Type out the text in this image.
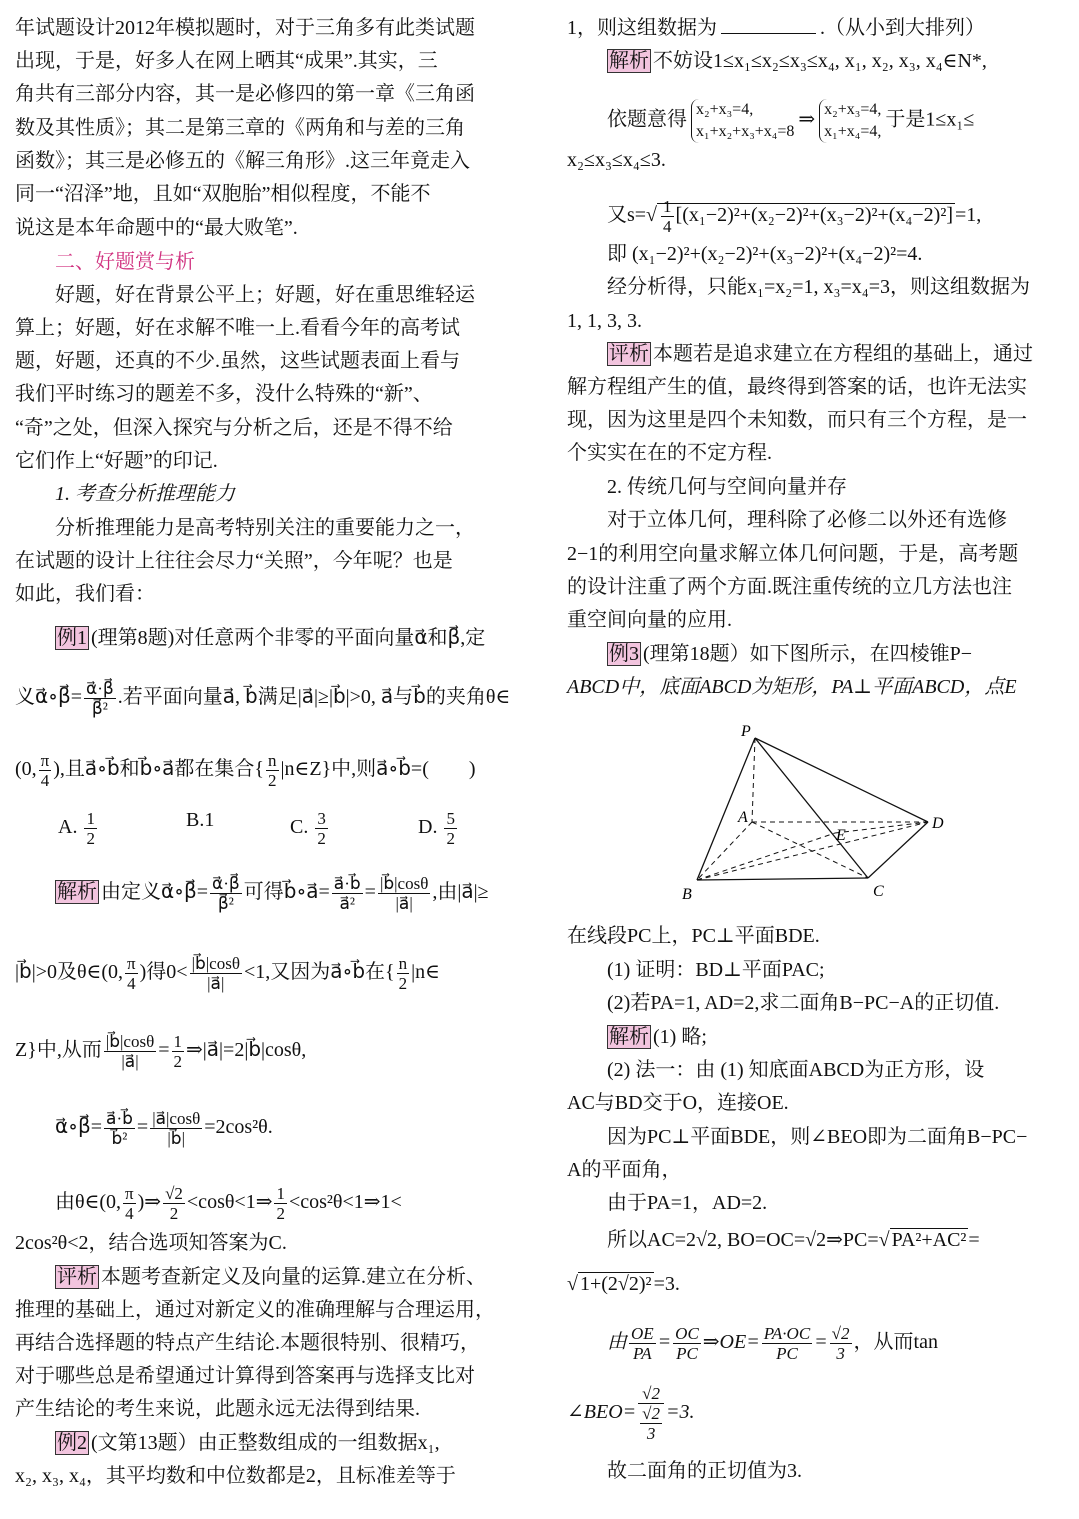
年试题设计2012年模拟题时，对于三角多有此类试题
出现，于是，好多人在网上晒其“成果”.其实，三
角共有三部分内容，其一是必修四的第一章《三角函
数及其性质》；其二是第三章的《两角和与差的三角
函数》；其三是必修五的《解三角形》.这三年竟走入
同一“沼泽”地，且如“双胞胎”相似程度，不能不
说这是本年命题中的“最大败笔”.
二、好题赏与析
好题，好在背景公平上；好题，好在重思维轻运
算上；好题，好在求解不唯一上.看看今年的高考试
题，好题，还真的不少.虽然，这些试题表面上看与
我们平时练习的题差不多，没什么特殊的“新”、
“奇”之处，但深入探究与分析之后，还是不得不给
它们作上“好题”的印记.
1. 考查分析推理能力
分析推理能力是高考特别关注的重要能力之一，
在试题的设计上往往会尽力“关照”，今年呢？也是
如此，我们看：
例1 (理第8题)对任意两个非零的平面向量α⃗和β⃗,定
义α⃗∘β⃗= $\frac{\alpha⃗\cdot\beta⃗}{\text{β⃗²}}$ .若平面向量a⃗, b⃗满足|a⃗|≥|b⃗|>0, a⃗与b⃗的夹角θ∈
(0, $\frac{\pi}{4}$ ),且a⃗∘b⃗和b⃗∘a⃗都在集合{ $\frac{n}{2}$ |n∈Z}中,则a⃗∘b⃗=(　　)
A. $\frac{1}{2}$	B.1	C. $\frac{3}{2}$	D. $\frac{5}{2}$
解析 由定义α⃗∘β⃗= $\frac{\alpha⃗\cdot\beta⃗}{\text{β⃗²}}$ 可得b⃗∘a⃗= $\frac{a⃗\cdot b⃗}{\text{a⃗²}} = \frac{|b⃗|\cos\theta}{|a⃗|}$ ,由|a⃗|≥
|b⃗|>0及θ∈(0, $\frac{\pi}{4}$ )得$0< \frac{|b⃗|\cos\theta}{|a⃗|} <1$,又因为a⃗∘b⃗在{ $\frac{n}{2}$ |n∈
Z}中,从而 $\frac{|b⃗|\cos\theta}{|a⃗|} = \frac{1}{2}$ ⇒|a⃗|=2|b⃗|cosθ,
α⃗∘β⃗= $\frac{a⃗\cdot b⃗}{\text{b⃗²}} = \frac{|a⃗|\cos\theta}{|b⃗|} =2\cos^2\theta$.
由θ∈(0, $\frac{\pi}{4}$ )⇒ $\frac{√2}{2}$ <cosθ<1⇒ $\frac{1}{2}$ <cos²θ<1⇒1<
2cos²θ<2，结合选项知答案为C.
评析 本题考查新定义及向量的运算.建立在分析、
推理的基础上，通过对新定义的准确理解与合理运用，
再结合选择题的特点产生结论.本题很特别、很精巧，
对于哪些总是希望通过计算得到答案再与选择支比对
产生结论的考生来说，此题永远无法得到结果.
例2 (文第13题）由正整数组成的一组数据x₁,
x₂, x₃, x₄，其平均数和中位数都是2，且标准差等于
1，则这组数据为	.（从小到大排列）
解析 不妨设1≤x₁≤x₂≤x₃≤x₄, x₁, x₂, x₃, x₄∈N*,
依题意得 x₂+x₃=4,
x₁+x₂+x₃+x₄=8
⇒ x₂+x₃=4,
x₁+x₄=4,
于是1≤x₁≤
x₂≤x₃≤x₄≤3.
又$s=√ \frac{1}{4} [(x_1-2)^2+(x_2-2)^2+(x_3-2)^2+(x_4-2)^2] =1$,
即 (x₁−2)²+(x₂−2)²+(x₃−2)²+(x₄−2)²=4.
经分析得，只能x₁=x₂=1, x₃=x₄=3，则这组数据为
1, 1, 3, 3.
评析 本题若是追求建立在方程组的基础上，通过
解方程组产生的值，最终得到答案的话，也许无法实
现，因为这里是四个未知数，而只有三个方程，是一
个实实在在的不定方程.
2. 传统几何与空间向量并存
对于立体几何，理科除了必修二以外还有选修
2−1的利用空向量求解立体几何问题，于是，高考题
的设计注重了两个方面.既注重传统的立几方法也注
重空间向量的应用.
例3 (理第18题）如下图所示，在四棱锥P−
ABCD中，底面ABCD为矩形，PA⊥平面ABCD，点E
P
A
B	C
D
E
在线段PC上，PC⊥平面BDE.
(1) 证明：BD⊥平面PAC;
(2)若PA=1, AD=2,求二面角B−PC−A的正切值.
解析 (1) 略;
(2) 法一：由 (1) 知底面ABCD为正方形，设
AC与BD交于O，连接OE.
因为PC⊥平面BDE，则∠BEO即为二面角B−PC−
A的平面角，
由于PA=1，AD=2.
所以AC=2√2, BO=OC=√2⇒PC=√ PA²+AC² =
√ 1+(2√2)² =3.
由 $\frac{OE}{PA} = \frac{OC}{PC}$ ⇒OE= $\frac{PA\cdot OC}{PC} = \frac{√2}{3}$ ，从而tan
∠BEO= $\frac{√2}{\frac{√2}{3}} =3$.
故二面角的正切值为3.
